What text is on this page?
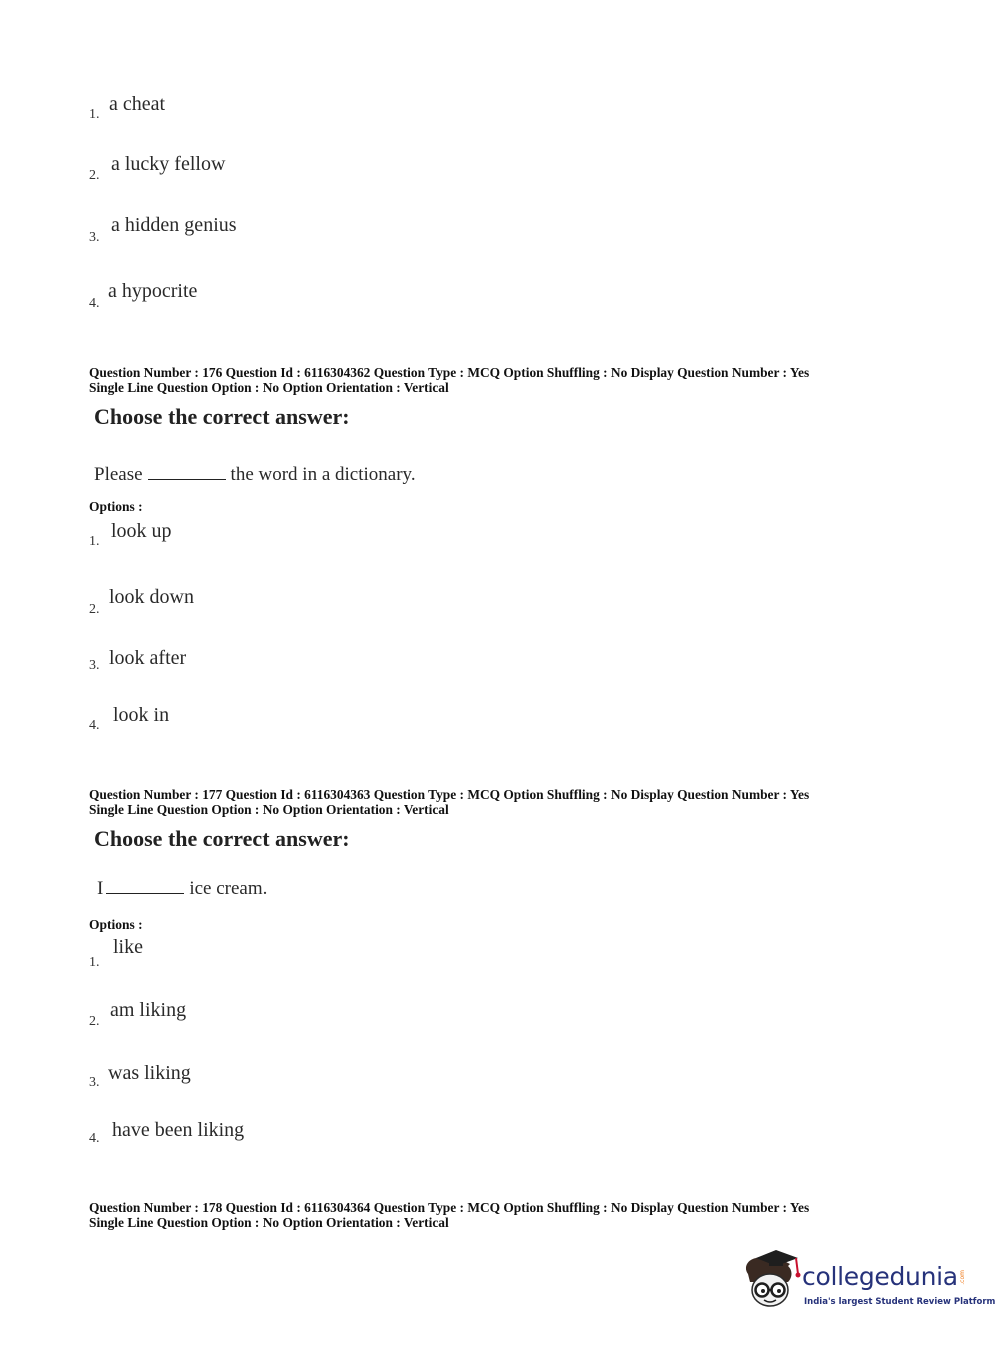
1. a cheat
2.
a lucky fellow
3.
a hidden genius
4.
a hypocrite
Question Number : 176 Question Id : 6116304362 Question Type : MCQ Option Shuffling : No Display Question Number : Yes
Single Line Question Option : No Option Orientation : Vertical
Choose the correct answer:
Please	the word in a dictionary.
Options :
1. look up
2.
look down
3. look after
4. look in
Question Number : 177 Question Id : 6116304363 Question Type : MCQ Option Shuffling : No Display Question Number : Yes
Single Line Question Option : No Option Orientation : Vertical
Choose the correct answer:
I	ice cream.
Options :
1.
like
2.
am liking
3. was liking
4. have been liking
Question Number : 178 Question Id : 6116304364 Question Type : MCQ Option Shuffling : No Display Question Number : Yes
Single Line Question Option : No Option Orientation : Vertical
collegedunia .com
India's largest Student Review Platform
